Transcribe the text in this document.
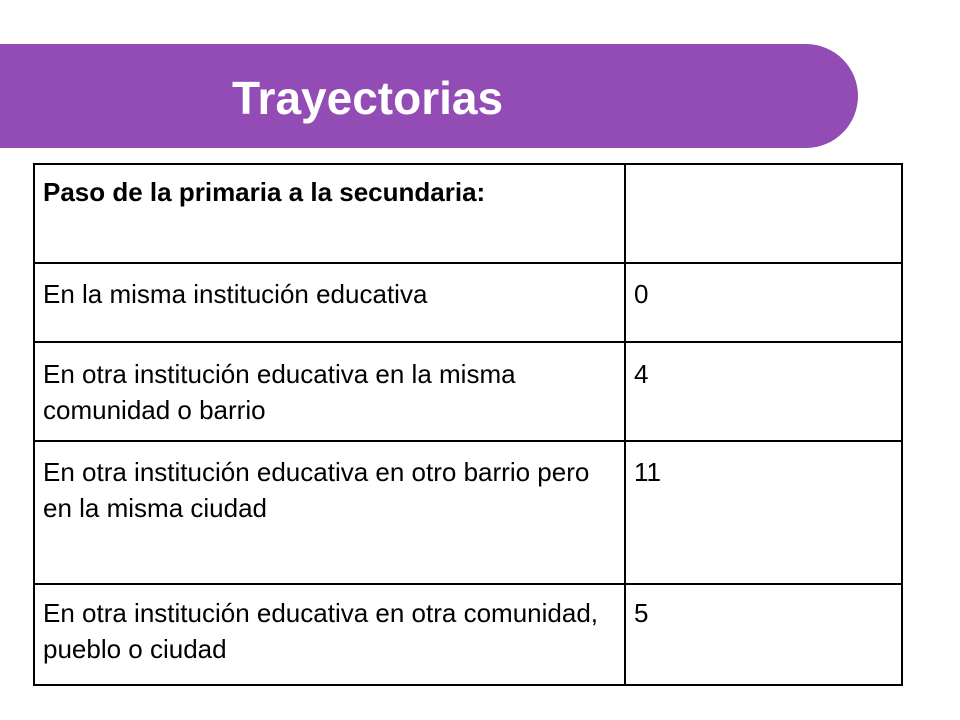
Trayectorias
Paso de la primaria a la secundaria:	
En la misma institución educativa	0
En otra institución educativa en la misma comunidad o barrio	4
En otra institución educativa en otro barrio pero en la misma ciudad	11
En otra institución educativa en otra comunidad, pueblo o ciudad	5
